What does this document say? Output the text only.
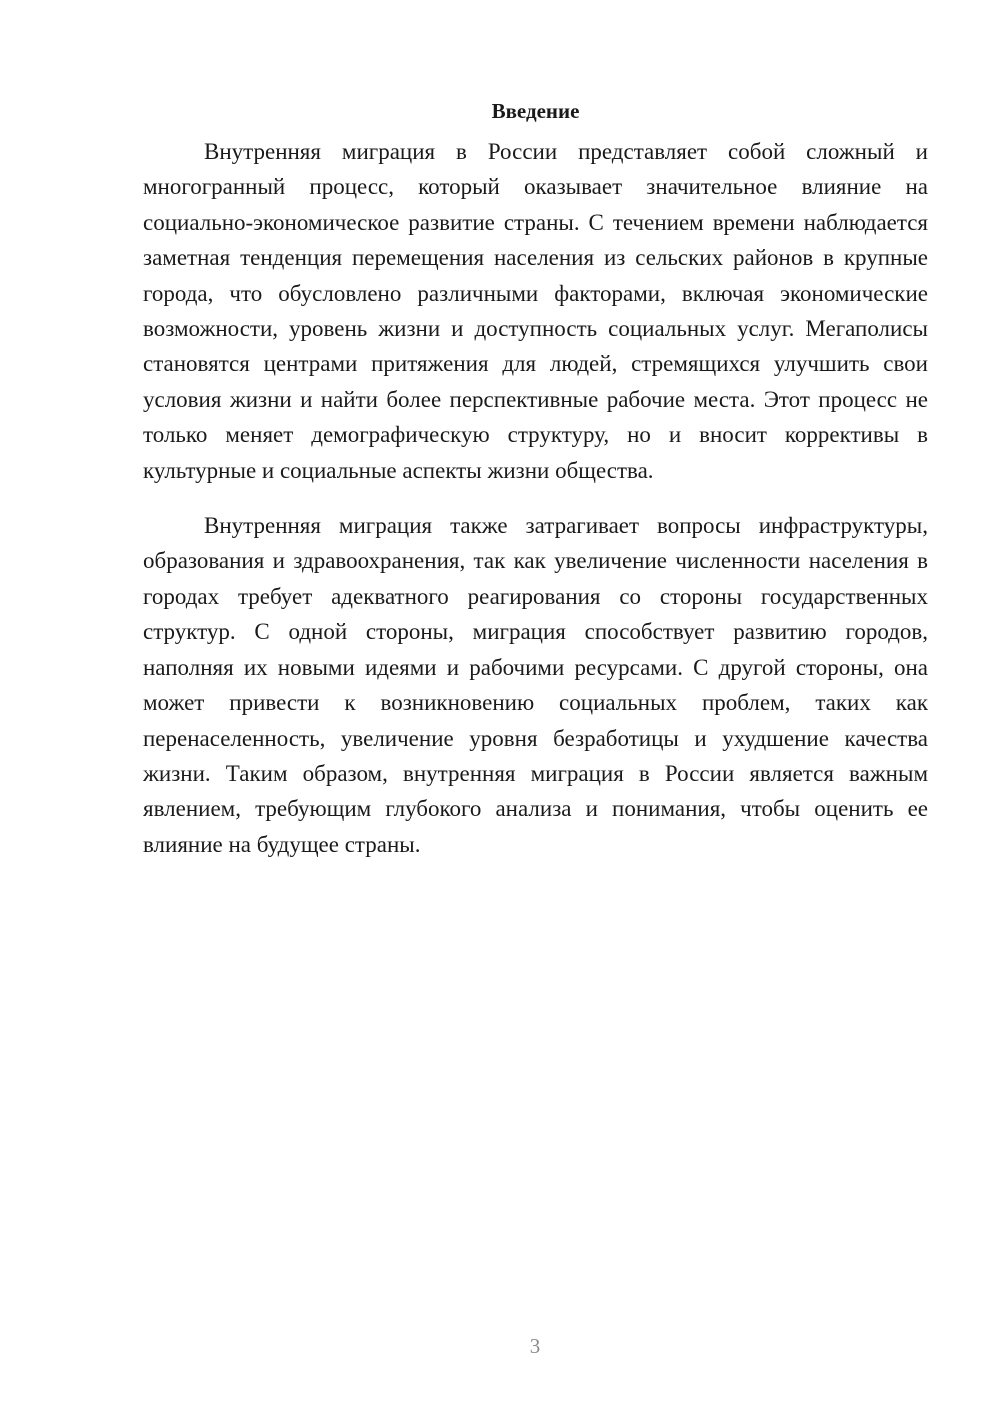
Введение

Внутренняя миграция в России представляет собой сложный и многогранный процесс, который оказывает значительное влияние на социально-экономическое развитие страны. С течением времени наблюдается заметная тенденция перемещения населения из сельских районов в крупные города, что обусловлено различными факторами, включая экономические возможности, уровень жизни и доступность социальных услуг. Мегаполисы становятся центрами притяжения для людей, стремящихся улучшить свои условия жизни и найти более перспективные рабочие места. Этот процесс не только меняет демографическую структуру, но и вносит коррективы в культурные и социальные аспекты жизни общества.

Внутренняя миграция также затрагивает вопросы инфраструктуры, образования и здравоохранения, так как увеличение численности населения в городах требует адекватного реагирования со стороны государственных структур. С одной стороны, миграция способствует развитию городов, наполняя их новыми идеями и рабочими ресурсами. С другой стороны, она может привести к возникновению социальных проблем, таких как перенаселенность, увеличение уровня безработицы и ухудшение качества жизни. Таким образом, внутренняя миграция в России является важным явлением, требующим глубокого анализа и понимания, чтобы оценить ее влияние на будущее страны.

3
